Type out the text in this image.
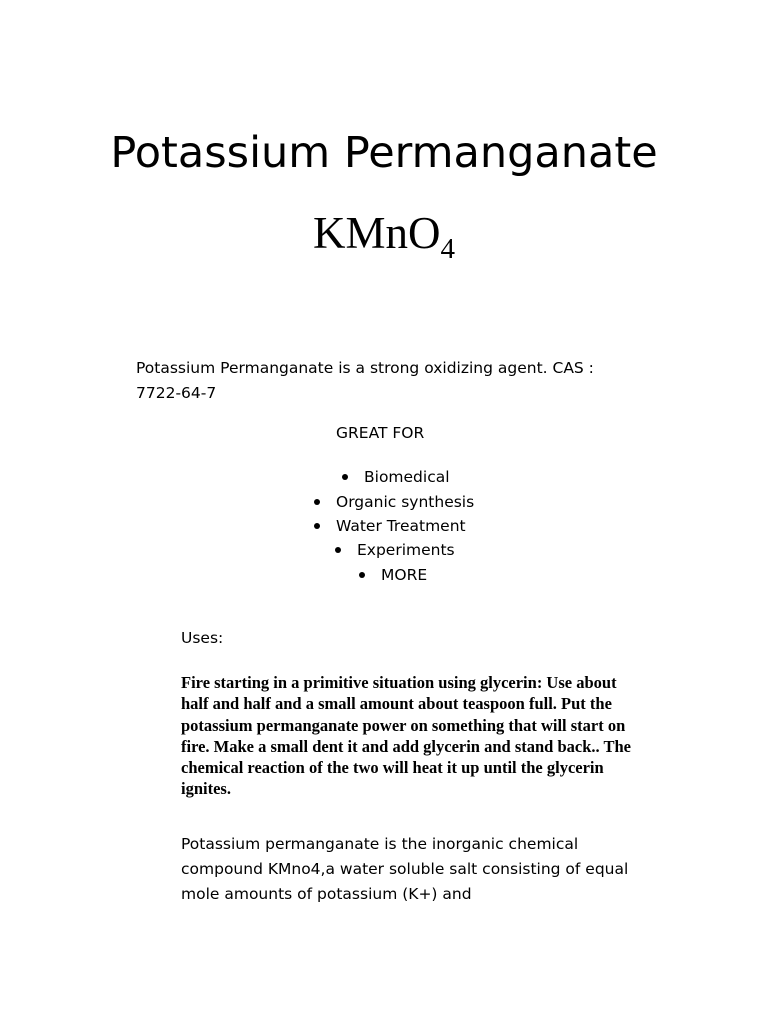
Potassium Permanganate
KMnO$_4$
Potassium Permanganate is a strong oxidizing agent. CAS : 7722-64-7
GREAT FOR
Biomedical
Organic synthesis
Water Treatment
Experiments
MORE
Uses:
Fire starting in a primitive situation using glycerin: Use about half and half and a small amount about teaspoon full. Put the potassium permanganate power on something that will start on fire. Make a small dent it and add glycerin and stand back.. The chemical reaction of the two will heat it up until the glycerin ignites.
Potassium permanganate is the inorganic chemical compound KMno4,a water soluble salt consisting of equal mole amounts of potassium (K+) and
